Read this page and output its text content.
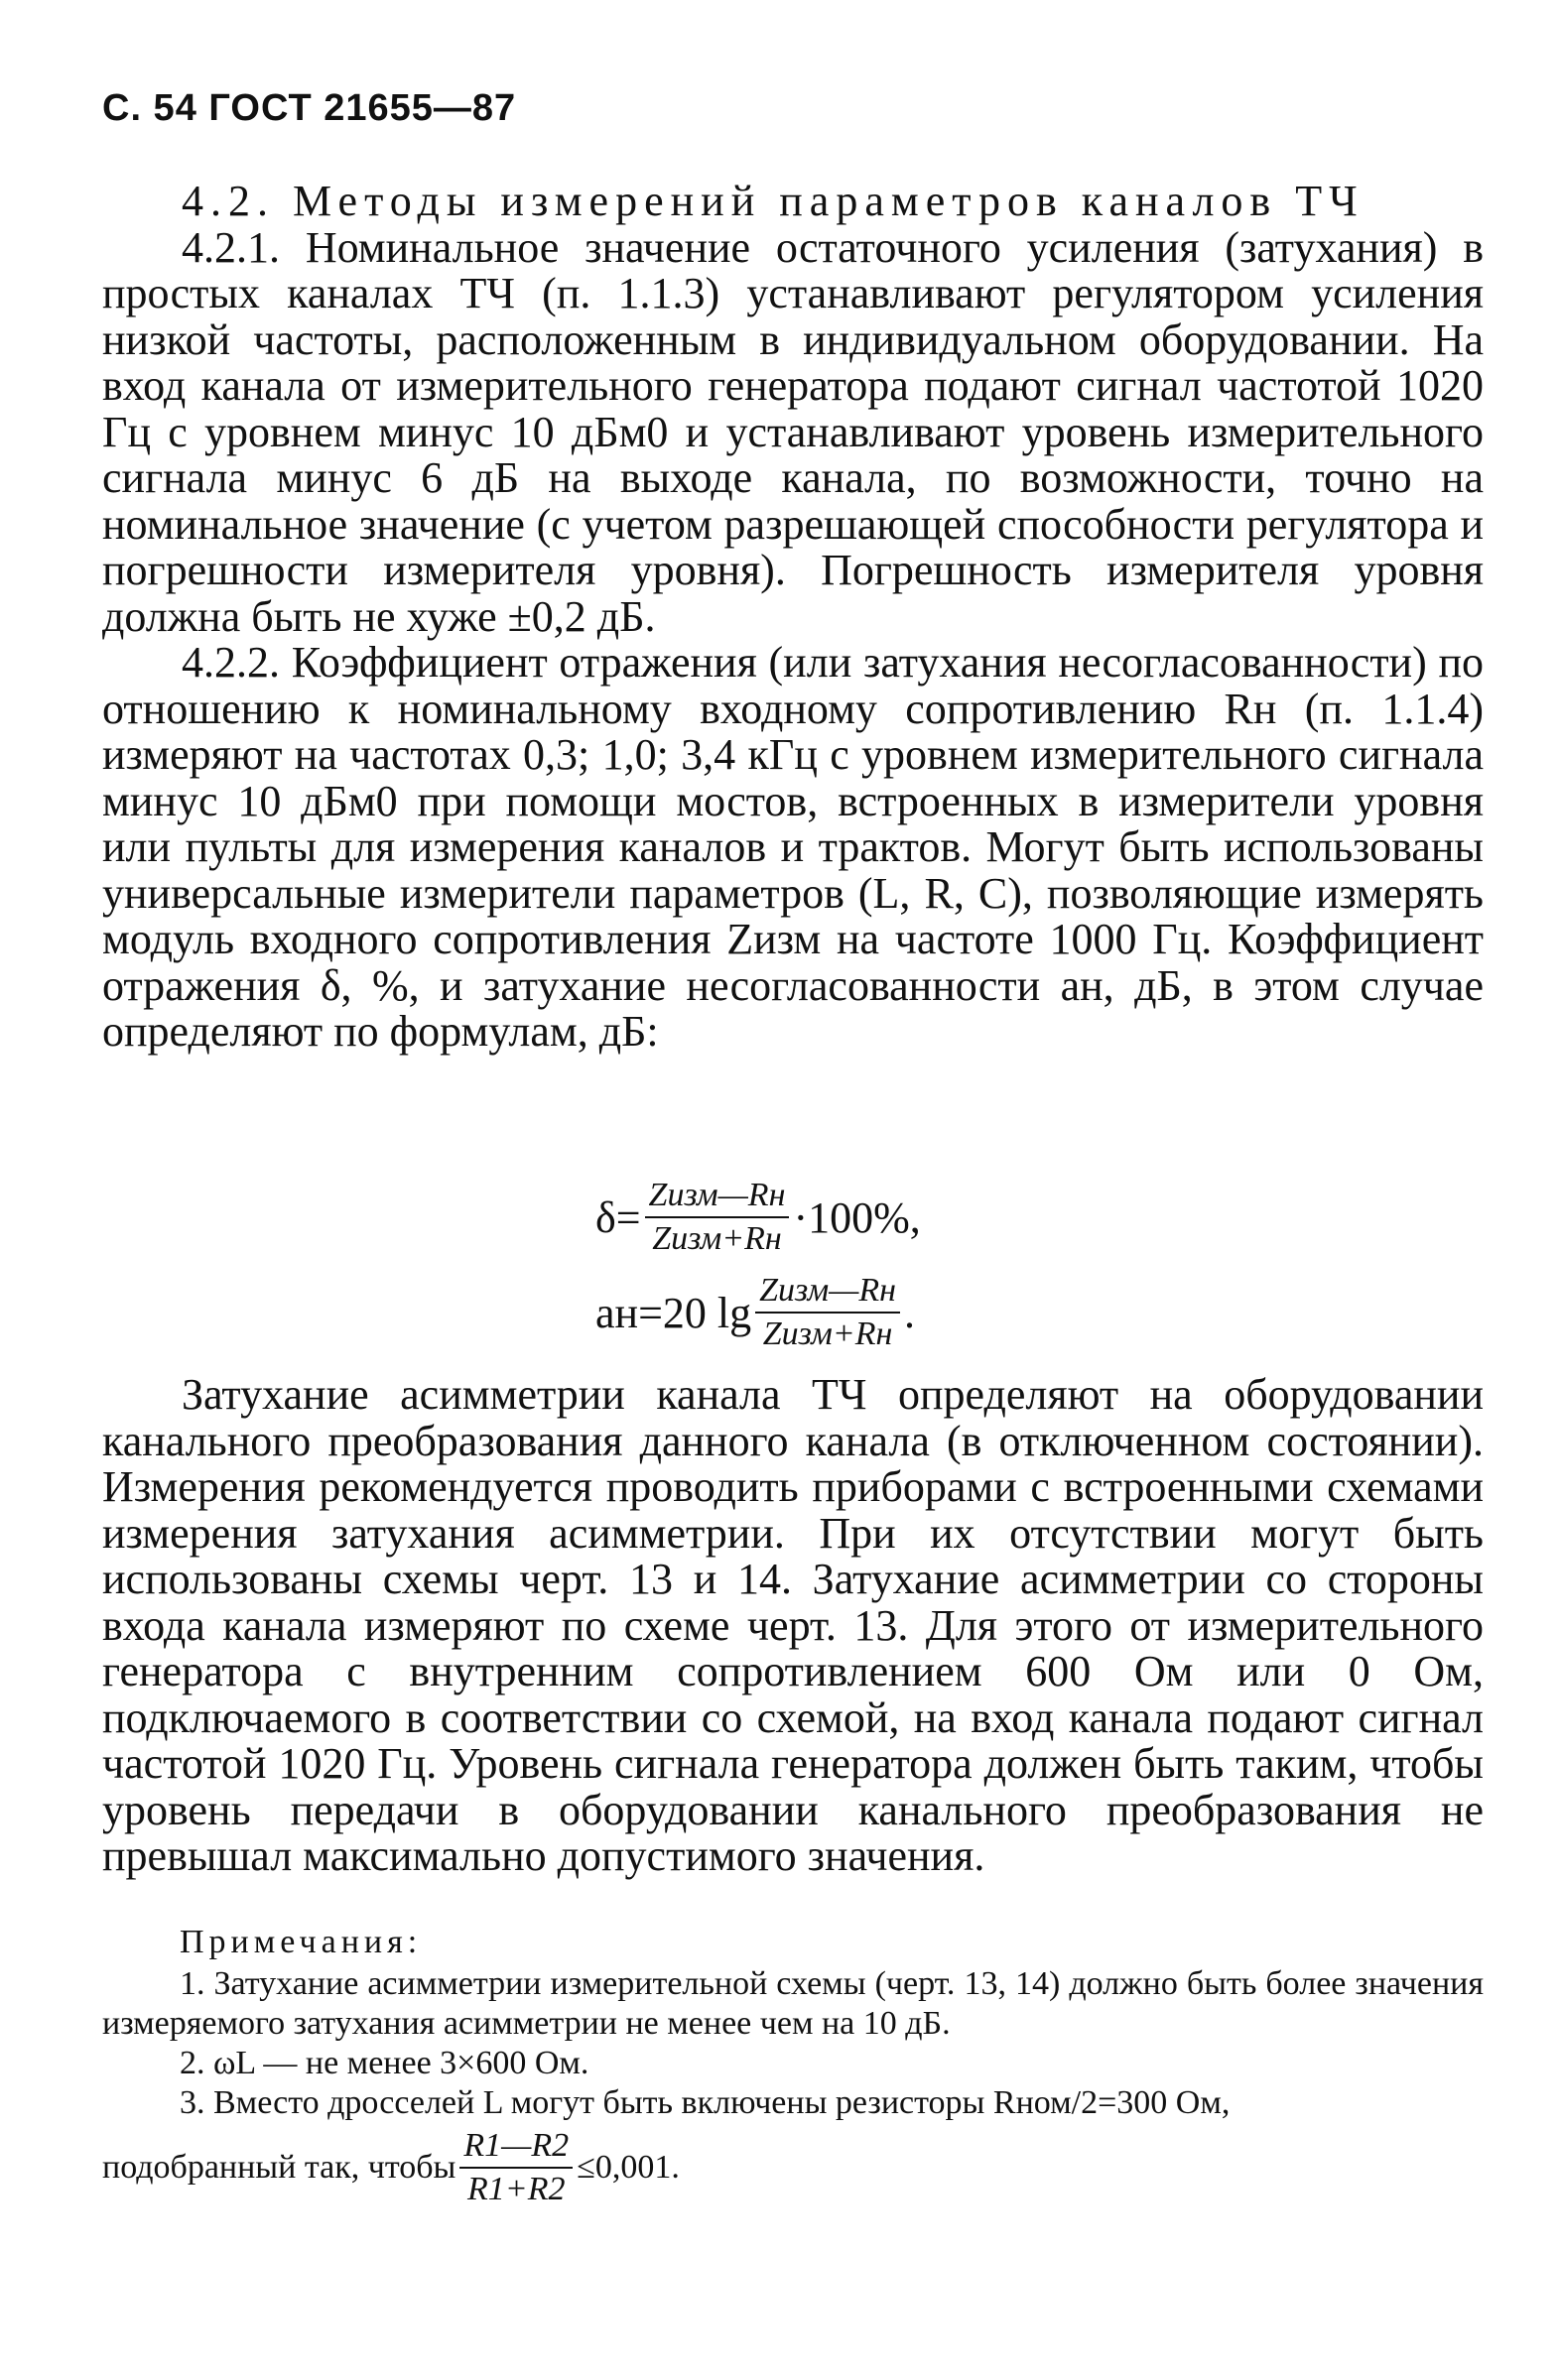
С. 54 ГОСТ 21655—87

4.2. Методы измерений параметров каналов ТЧ

4.2.1. Номинальное значение остаточного усиления (затухания) в простых каналах ТЧ (п. 1.1.3) устанавливают регулятором усиления низкой частоты, расположенным в индивидуальном оборудовании. На вход канала от измерительного генератора подают сигнал частотой 1020 Гц с уровнем минус 10 дБм0 и устанавливают уровень измерительного сигнала минус 6 дБ на выходе канала, по возможности, точно на номинальное значение (с учетом разрешающей способности регулятора и погрешности измерителя уровня). Погрешность измерителя уровня должна быть не хуже ±0,2 дБ.

4.2.2. Коэффициент отражения (или затухания несогласованности) по отношению к номинальному входному сопротивлению Rн (п. 1.1.4) измеряют на частотах 0,3; 1,0; 3,4 кГц с уровнем измерительного сигнала минус 10 дБм0 при помощи мостов, встроенных в измерители уровня или пульты для измерения каналов и трактов. Могут быть использованы универсальные измерители параметров (L, R, C), позволяющие измерять модуль входного сопротивления Zизм на частоте 1000 Гц. Коэффициент отражения δ, %, и затухание несогласованности aн, дБ, в этом случае определяют по формулам, дБ:

$\delta= \frac{\text{Zизм—Rн}}{\text{Zизм+Rн}} \cdot 100\%$,
aн=20 $\lg \frac{\text{Zизм—Rн}}{\text{Zизм+Rн}}$ .

Затухание асимметрии канала ТЧ определяют на оборудовании канального преобразования данного канала (в отключенном состоянии). Измерения рекомендуется проводить приборами с встроенными схемами измерения затухания асимметрии. При их отсутствии могут быть использованы схемы черт. 13 и 14. Затухание асимметрии со стороны входа канала измеряют по схеме черт. 13. Для этого от измерительного генератора с внутренним сопротивлением 600 Ом или 0 Ом, подключаемого в соответствии со схемой, на вход канала подают сигнал частотой 1020 Гц. Уровень сигнала генератора должен быть таким, чтобы уровень передачи в оборудовании канального преобразования не превышал максимально допустимого значения.

Примечания:

1. Затухание асимметрии измерительной схемы (черт. 13, 14) должно быть более значения измеряемого затухания асимметрии не менее чем на 10 дБ.

2. ωL — не менее 3×600 Ом.

3. Вместо дросселей L могут быть включены резисторы Rном/2=300 Ом,

подобранный так, чтобы $\frac{R1—R2}{R1+R2} \le 0,001$.
